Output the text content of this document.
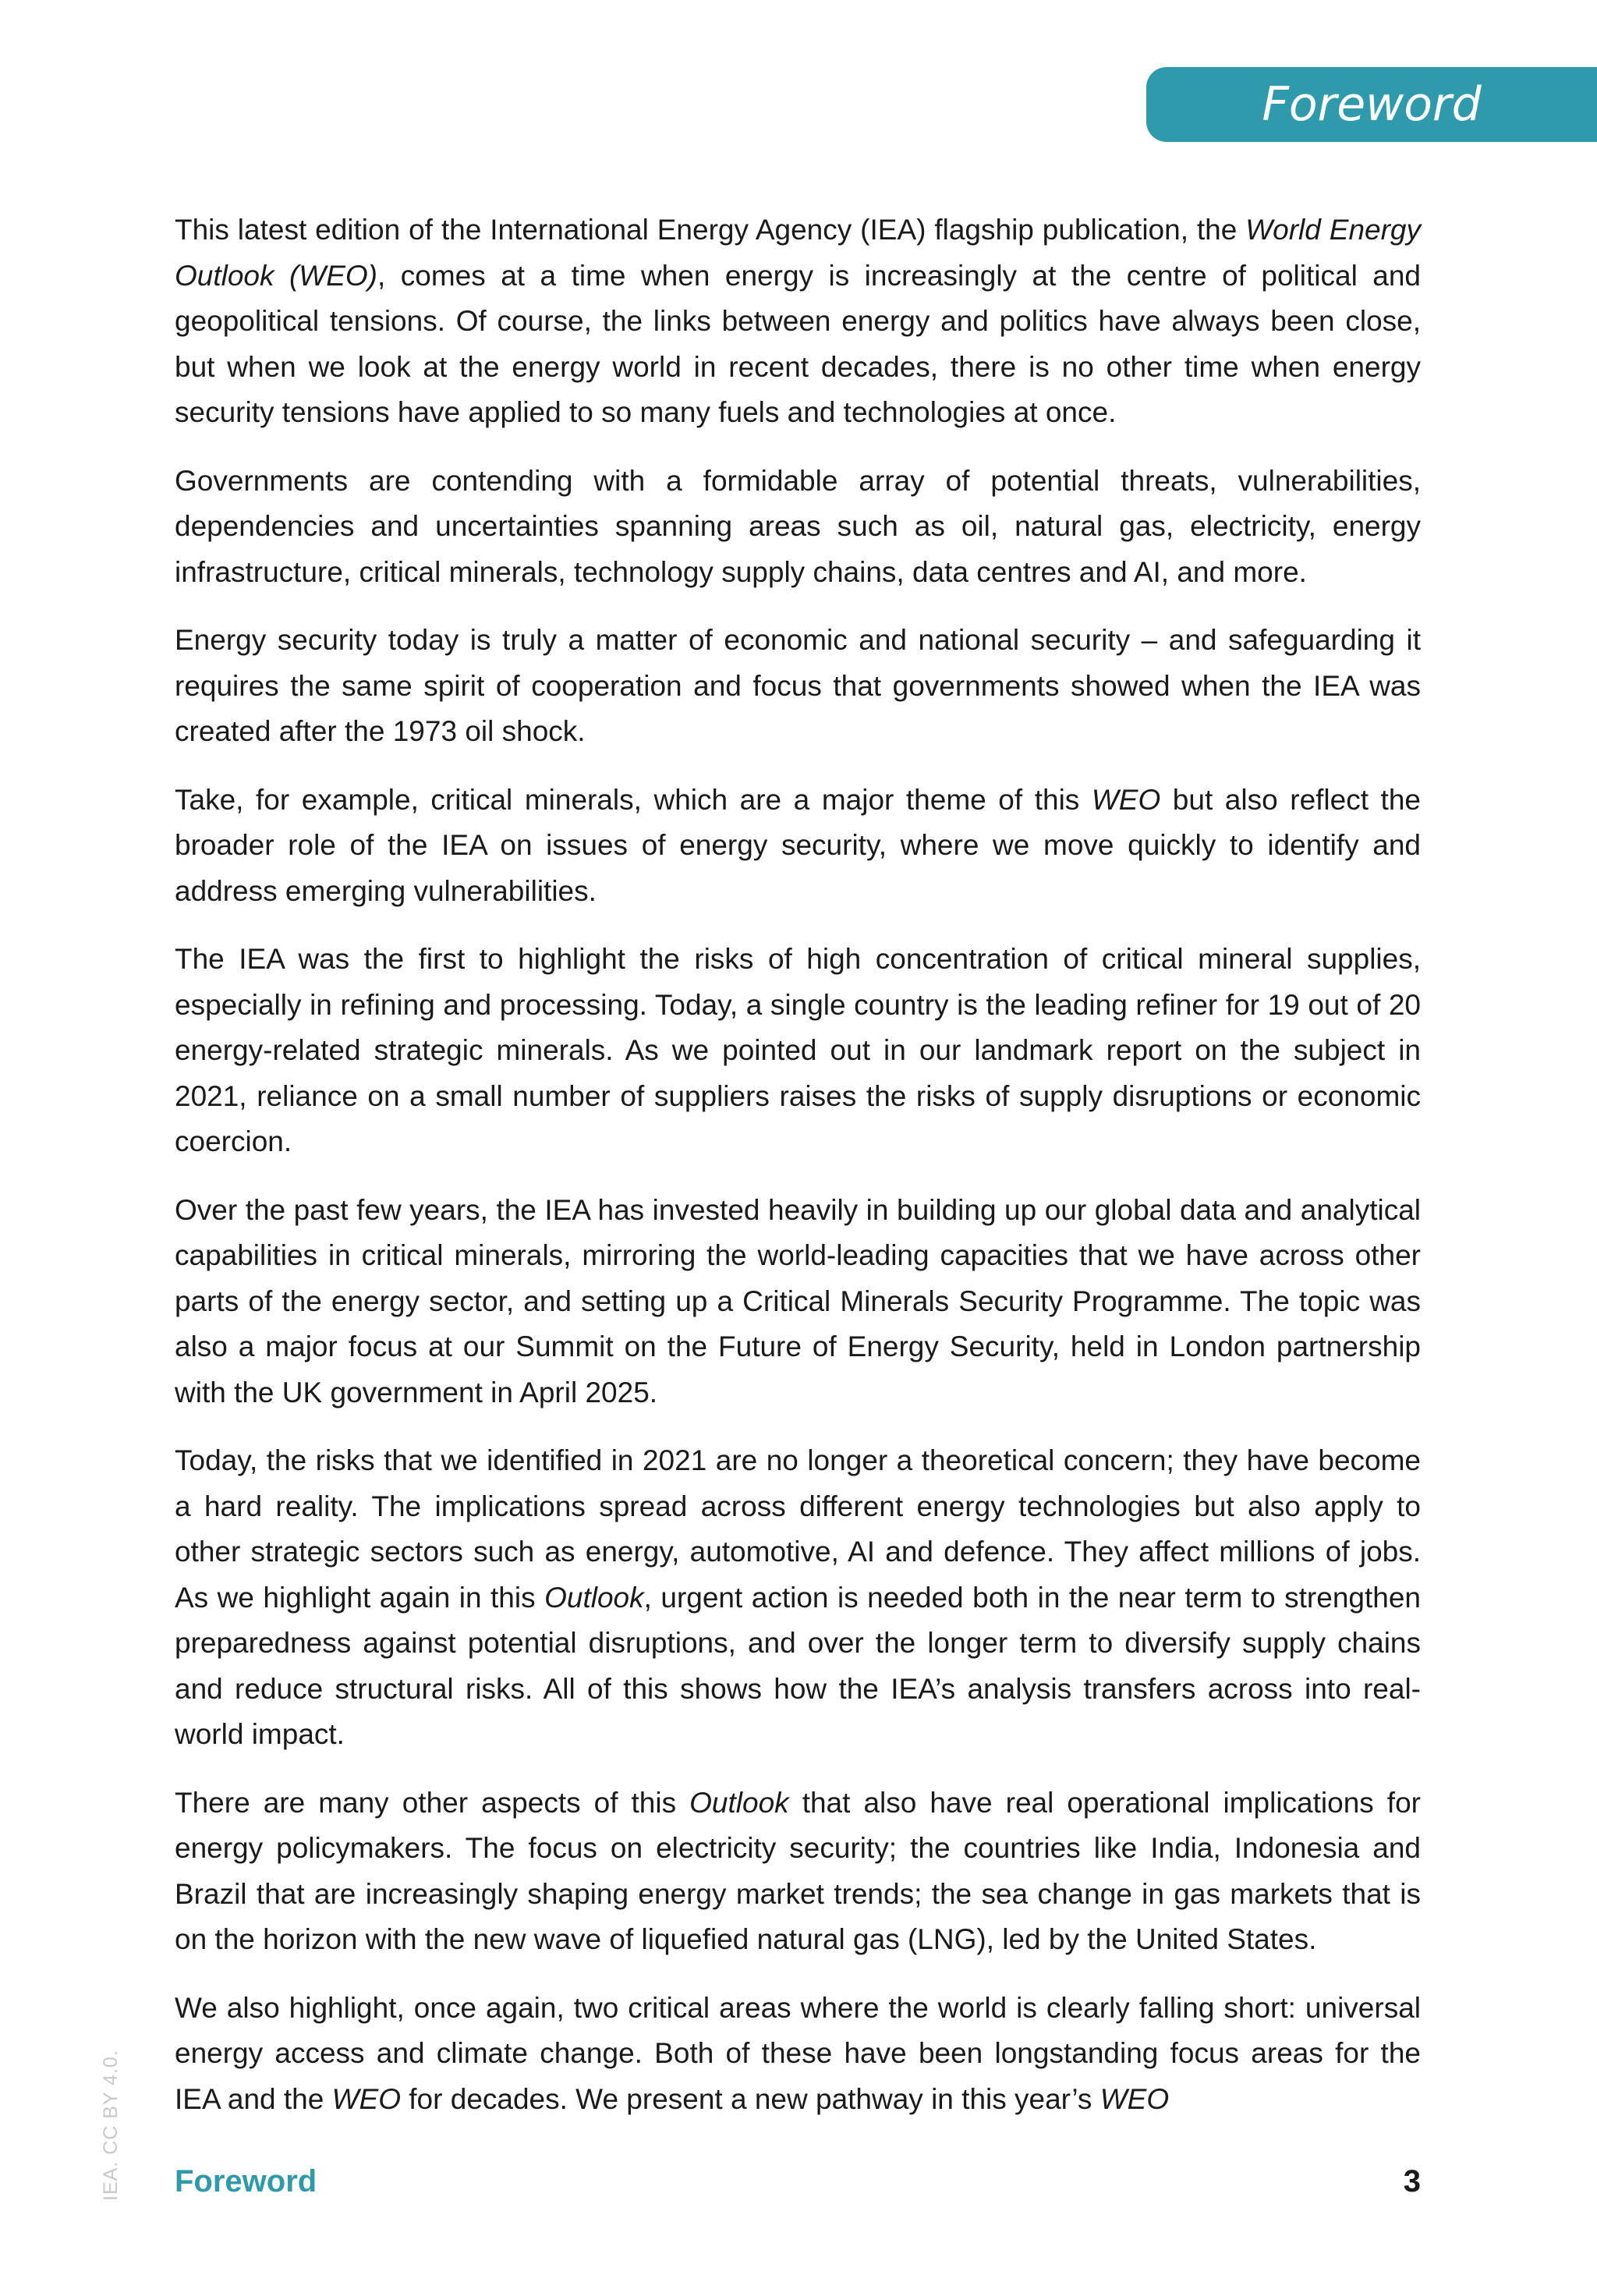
Foreword

This latest edition of the International Energy Agency (IEA) flagship publication, the World Energy Outlook (WEO), comes at a time when energy is increasingly at the centre of political and geopolitical tensions. Of course, the links between energy and politics have always been close, but when we look at the energy world in recent decades, there is no other time when energy security tensions have applied to so many fuels and technologies at once.

Governments are contending with a formidable array of potential threats, vulnerabilities, dependencies and uncertainties spanning areas such as oil, natural gas, electricity, energy infrastructure, critical minerals, technology supply chains, data centres and AI, and more.

Energy security today is truly a matter of economic and national security – and safeguarding it requires the same spirit of cooperation and focus that governments showed when the IEA was created after the 1973 oil shock.

Take, for example, critical minerals, which are a major theme of this WEO but also reflect the broader role of the IEA on issues of energy security, where we move quickly to identify and address emerging vulnerabilities.

The IEA was the first to highlight the risks of high concentration of critical mineral supplies, especially in refining and processing. Today, a single country is the leading refiner for 19 out of 20 energy-related strategic minerals. As we pointed out in our landmark report on the subject in 2021, reliance on a small number of suppliers raises the risks of supply disruptions or economic coercion.

Over the past few years, the IEA has invested heavily in building up our global data and analytical capabilities in critical minerals, mirroring the world-leading capacities that we have across other parts of the energy sector, and setting up a Critical Minerals Security Programme. The topic was also a major focus at our Summit on the Future of Energy Security, held in London partnership with the UK government in April 2025.

Today, the risks that we identified in 2021 are no longer a theoretical concern; they have become a hard reality. The implications spread across different energy technologies but also apply to other strategic sectors such as energy, automotive, AI and defence. They affect millions of jobs. As we highlight again in this Outlook, urgent action is needed both in the near term to strengthen preparedness against potential disruptions, and over the longer term to diversify supply chains and reduce structural risks. All of this shows how the IEA’s analysis transfers across into real-world impact.

There are many other aspects of this Outlook that also have real operational implications for energy policymakers. The focus on electricity security; the countries like India, Indonesia and Brazil that are increasingly shaping energy market trends; the sea change in gas markets that is on the horizon with the new wave of liquefied natural gas (LNG), led by the United States.

We also highlight, once again, two critical areas where the world is clearly falling short: universal energy access and climate change. Both of these have been longstanding focus areas for the IEA and the WEO for decades. We present a new pathway in this year’s WEO

IEA. CC BY 4.0. Foreword	3
